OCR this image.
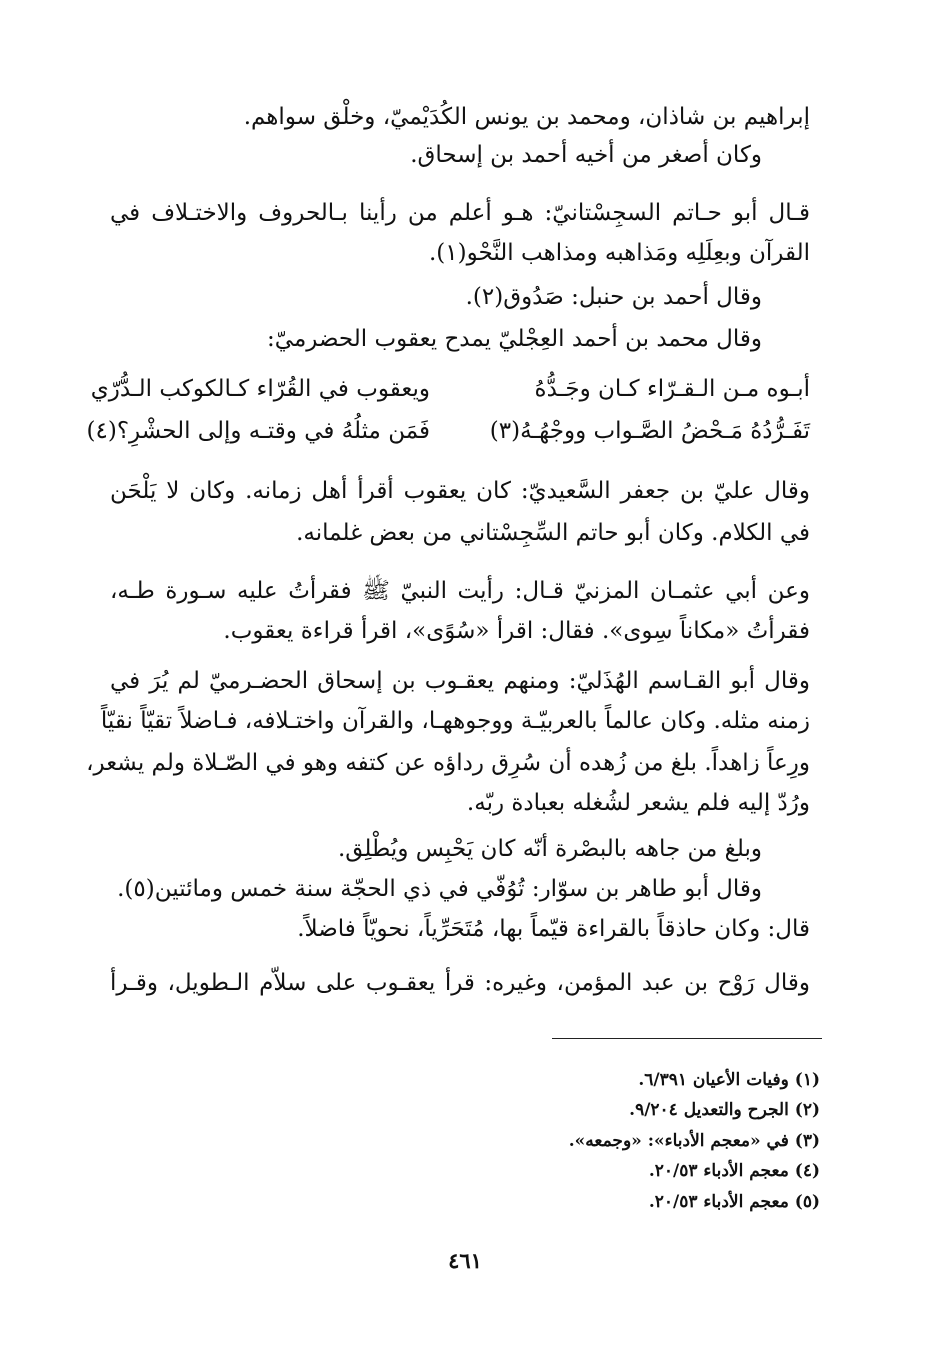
إبراهيم بن شاذان، ومحمد بن يونس الكُدَيْميّ، وخلْق سواهم.

وكان أصغر من أخيه أحمد بن إسحاق.

قـال أبو حـاتم السجِسْتانيّ: هـو أعلم من رأينا بـالحروف والاختـلاف في

القرآن وبعِلَلِه ومَذاهبه ومذاهب النَّحْو(١).

وقال أحمد بن حنبل: صَدُوق(٢).

وقال محمد بن أحمد العِجْليّ يمدح يعقوب الحضرميّ:

أبـوه مـن الـقـرّاء كـان وجَـدُّهُ

ويعقوب في القُرّاء كـالكوكب الـدُّرّي

تَفَـرُّدُهُ مَـحْضُ الصَّـواب ووجْهُـهُ(٣)

فَمَن مثلُهُ في وقتـه وإلى الحشْرِ؟(٤)

وقال عليّ بن جعفر السَّعيديّ: كان يعقوب أقرأ أهل زمانه. وكان لا يَلْحَن

في الكلام. وكان أبو حاتم السِّجِسْتاني من بعض غلمانه.

وعن أبي عثمـان المزنيّ قـال: رأيت النبيّ ﷺ فقرأتُ عليه سـورة طـه،

فقرأتُ «مكاناً سِوى». فقال: اقرأ «سُوًى»، اقرأ قراءة يعقوب.

وقال أبو القـاسم الهُذَليّ: ومنهم يعقـوب بن إسحاق الحضـرميّ لم يُرَ في

زمنه مثله. وكان عالماً بالعربيّـة ووجوههـا، والقرآن واختـلافه، فـاضلاً تقيّاً نقيّاً

ورِعاً زاهداً. بلغ من زُهده أن سُرِق رداؤه عن كتفه وهو في الصّـلاة ولم يشعر،

ورُدّ إليه فلم يشعر لشُغله بعبادة ربّه.

وبلغ من جاهه بالبصْرة أنّه كان يَحْبِس ويُطْلِق.

وقال أبو طاهر بن سوّار: تُوُفّي في ذي الحجّة سنة خمس ومائتين(٥).

قال: وكان حاذقاً بالقراءة قيّماً بها، مُتَحَرِّياً، نحويّاً فاضلاً.

وقال رَوْح بن عبد المؤمن، وغيره: قرأ يعقـوب على سلاّم الـطويل، وقـرأ

(١) وفيات الأعيان ٦/٣٩١.

(٢) الجرح والتعديل ٩/٢٠٤.

(٣) في «معجم الأدباء»: «وجمعه».

(٤) معجم الأدباء ٢٠/٥٣.

(٥) معجم الأدباء ٢٠/٥٣.

٤٦١
